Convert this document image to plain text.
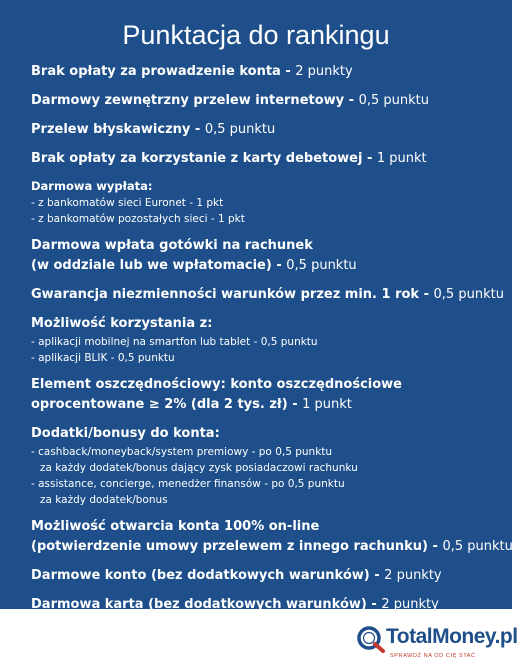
Punktacja do rankingu
Brak opłaty za prowadzenie konta - 2 punkty
Darmowy zewnętrzny przelew internetowy - 0,5 punktu
Przelew błyskawiczny - 0,5 punktu
Brak opłaty za korzystanie z karty debetowej - 1 punkt
Darmowa wypłata:
- z bankomatów sieci Euronet - 1 pkt
- z bankomatów pozostałych sieci - 1 pkt
Darmowa wpłata gotówki na rachunek
(w oddziale lub we wpłatomacie) - 0,5 punktu
Gwarancja niezmienności warunków przez min. 1 rok - 0,5 punktu
Możliwość korzystania z:
- aplikacji mobilnej na smartfon lub tablet - 0,5 punktu
- aplikacji BLIK - 0,5 punktu
Element oszczędnościowy: konto oszczędnościowe
oprocentowane ≥ 2% (dla 2 tys. zł) - 1 punkt
Dodatki/bonusy do konta:
- cashback/moneyback/system premiowy - po 0,5 punktu
za każdy dodatek/bonus dający zysk posiadaczowi rachunku
- assistance, concierge, menedżer finansów - po 0,5 punktu
za każdy dodatek/bonus
Możliwość otwarcia konta 100% on-line
(potwierdzenie umowy przelewem z innego rachunku) - 0,5 punktu
Darmowe konto (bez dodatkowych warunków) - 2 punkty
Darmowa karta (bez dodatkowych warunków) - 2 punkty
TotalMoney.pl
SPRAWDŹ NA OD CIĘ STAĆ
